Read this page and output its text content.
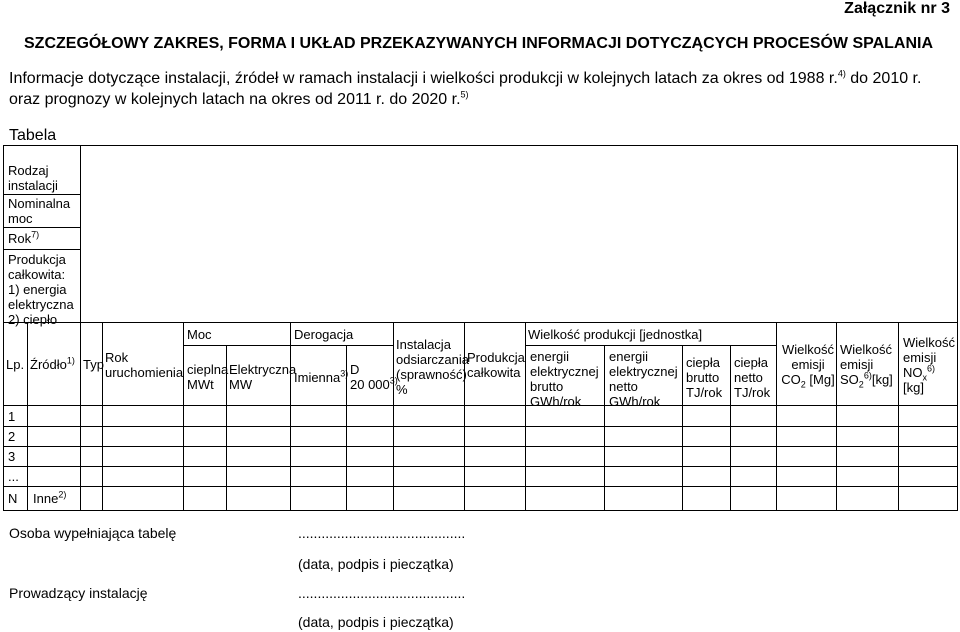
Załącznik nr 3
SZCZEGÓŁOWY ZAKRES, FORMA I UKŁAD PRZEKAZYWANYCH INFORMACJI DOTYCZĄCYCH PROCESÓW SPALANIA
Informacje dotyczące instalacji, źródeł w ramach instalacji i wielkości produkcji w kolejnych latach za okres od 1988 r.$^{4)}$ do 2010 r.
oraz prognozy w kolejnych latach na okres od 2011 r. do 2020 r.$^{5)}$
Tabela
Rodzaj
instalacji
Nominalna
moc
Rok$^{7)}$
Produkcja
całkowita:
1) energia
elektryczna
2) ciepło
Lp. Źródło$^{1)}$ Typ Rok
uruchomienia
Moc
cieplna
MWt
Elektryczna
MW
Derogacja
Imienna$^{3)}$ D
20 000$^{3)}$
Instalacja
odsiarczania
(sprawność)
%
Produkcja
całkowita
Wielkość produkcji [jednostka]
energii
elektrycznej
brutto
GWh/rok
energii
elektrycznej
netto
GWh/rok
ciepła
brutto
TJ/rok
ciepła
netto
TJ/rok
Wielkość
emisji
$CO_2$ [Mg]
Wielkość
emisji
$SO_2^{6)}[kg]$
Wielkość
emisji
$NO_x^{6)}$
[kg]
1
2
3
...
N Inne$^{2)}$
Osoba wypełniająca tabelę	...........................................
(data, podpis i pieczątka)
Prowadzący instalację	...........................................
(data, podpis i pieczątka)
